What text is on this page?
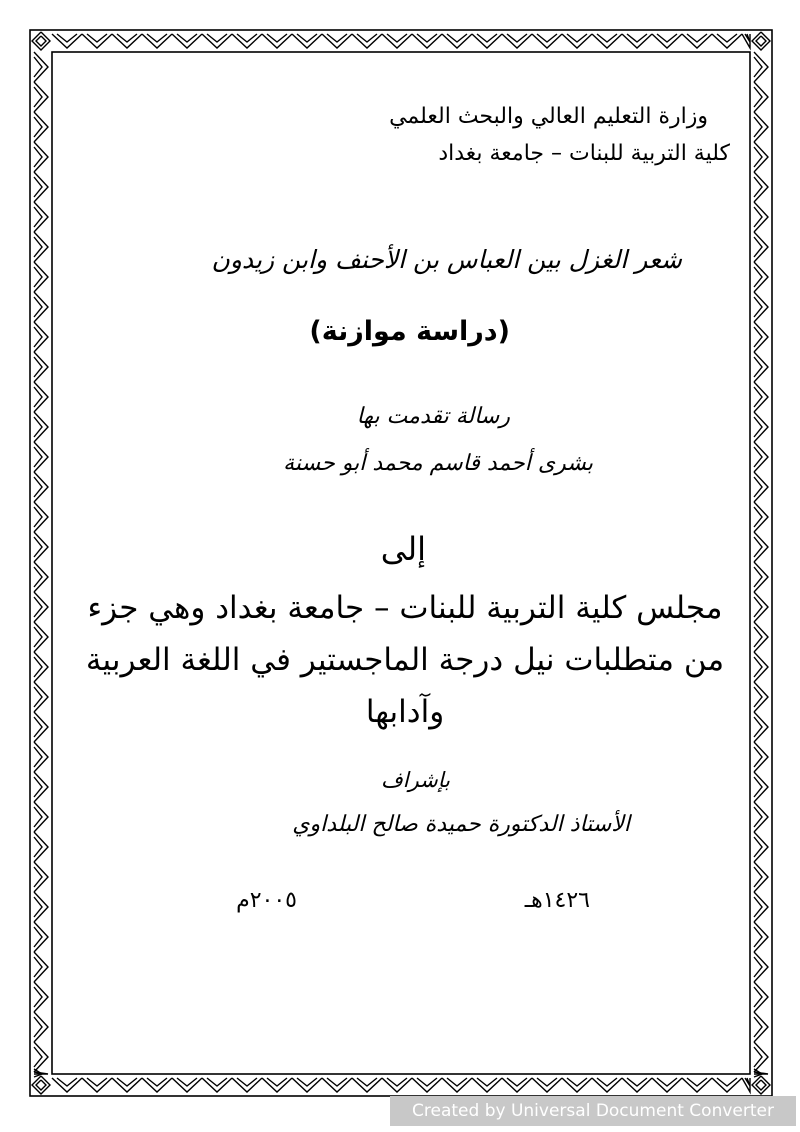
وزارة التعليم العالي والبحث العلمي
كلية التربية للبنات – جامعة بغداد
شعر الغزل بين العباس بن الأحنف وابن زيدون
(دراسة موازنة)
رسالة تقدمت بها
بشرى أحمد قاسم محمد أبو حسنة
إلى
مجلس كلية التربية للبنات – جامعة بغداد وهي جزء من متطلبات نيل درجة الماجستير في اللغة العربية وآدابها
بإشراف
الأستاذ الدكتورة حميدة صالح البلداوي
١٤٢٦هـ
٢٠٠٥م
Created by Universal Document Converter
